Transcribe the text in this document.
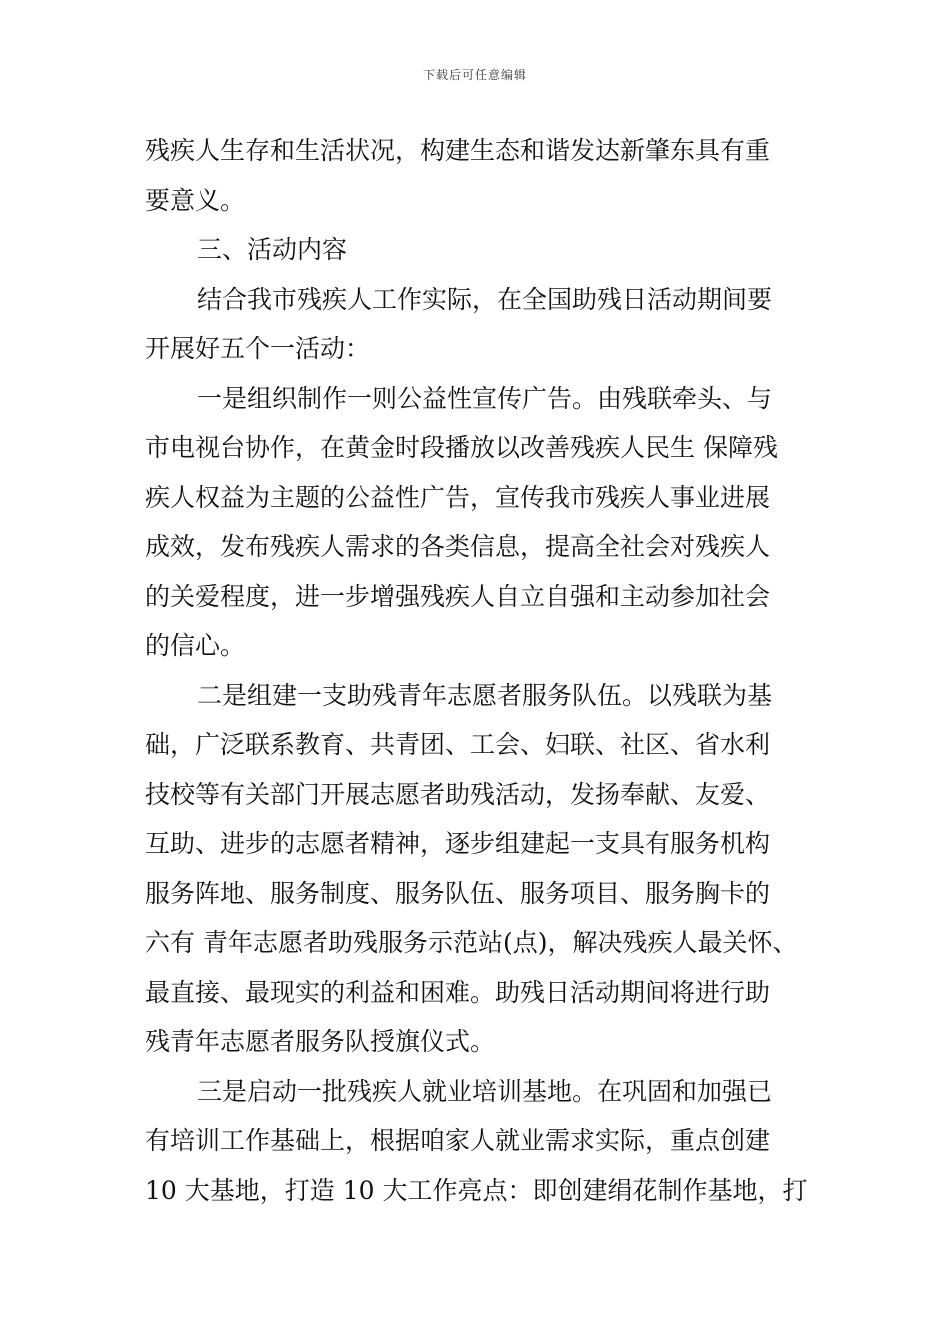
下载后可任意编辑
残疾人生存和生活状况，构建生态和谐发达新肇东具有重
要意义。
三、活动内容
结合我市残疾人工作实际，在全国助残日活动期间要
开展好五个一活动：
一是组织制作一则公益性宣传广告。由残联牵头、与
市电视台协作，在黄金时段播放以改善残疾人民生 保障残
疾人权益为主题的公益性广告，宣传我市残疾人事业进展
成效，发布残疾人需求的各类信息，提高全社会对残疾人
的关爱程度，进一步增强残疾人自立自强和主动参加社会
的信心。
二是组建一支助残青年志愿者服务队伍。以残联为基
础，广泛联系教育、共青团、工会、妇联、社区、省水利
技校等有关部门开展志愿者助残活动，发扬奉献、友爱、
互助、进步的志愿者精神，逐步组建起一支具有服务机构
服务阵地、服务制度、服务队伍、服务项目、服务胸卡的
六有 青年志愿者助残服务示范站(点)，解决残疾人最关怀、
最直接、最现实的利益和困难。助残日活动期间将进行助
残青年志愿者服务队授旗仪式。
三是启动一批残疾人就业培训基地。在巩固和加强已
有培训工作基础上，根据咱家人就业需求实际，重点创建
10 大基地，打造 10 大工作亮点：即创建绢花制作基地，打
